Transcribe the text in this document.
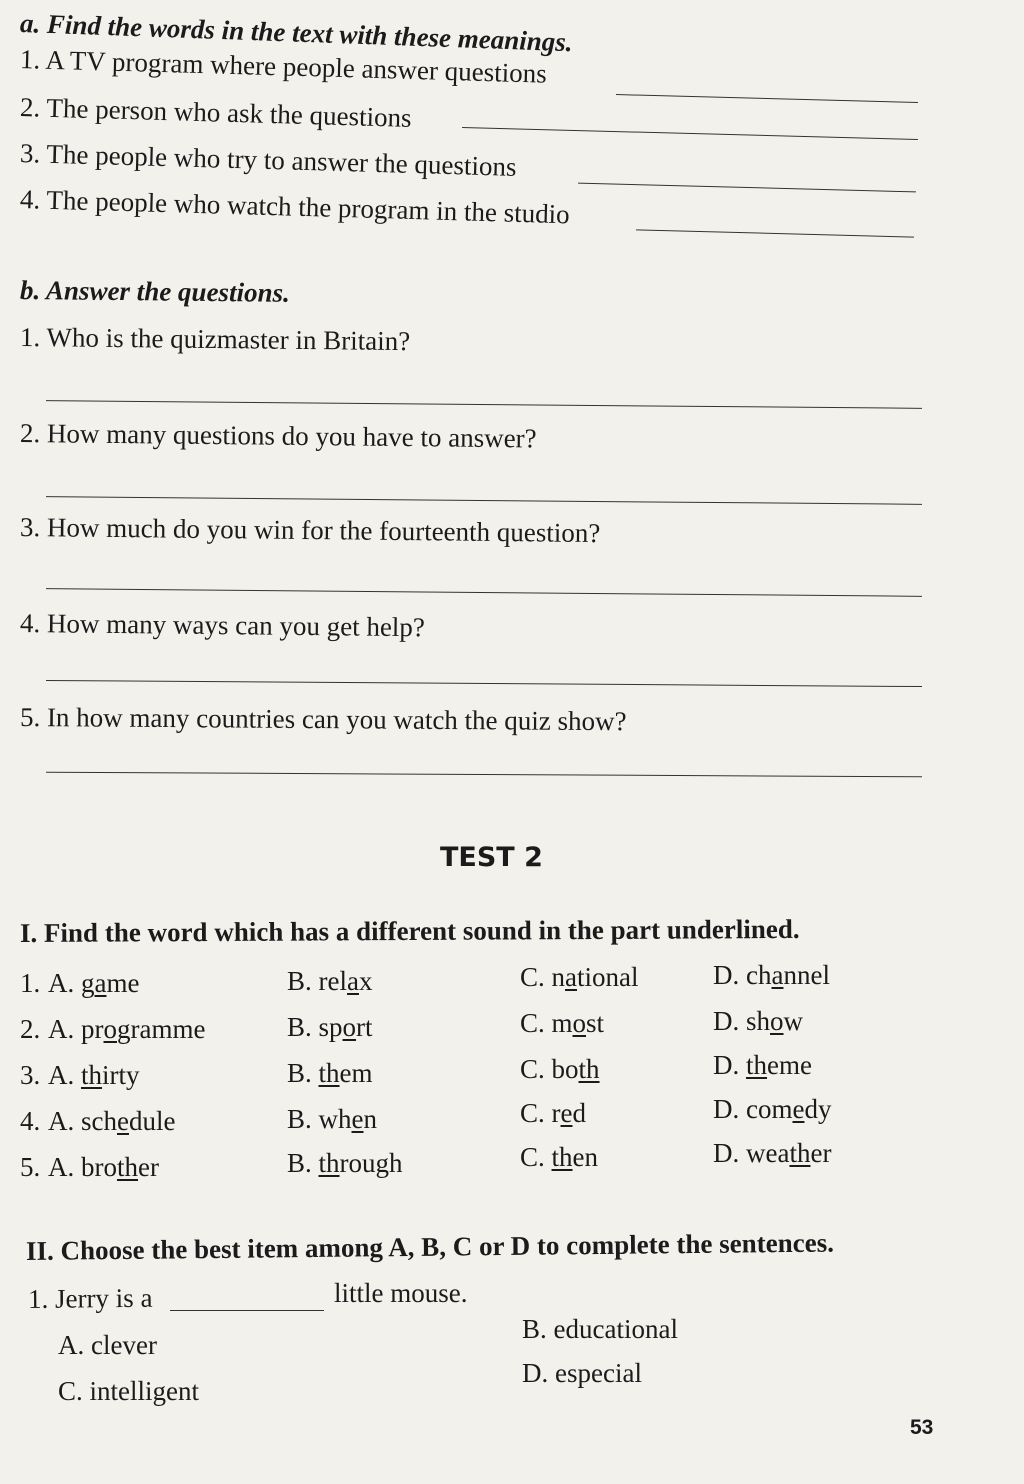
a. Find the words in the text with these meanings.
1. A TV program where people answer questions
2. The person who ask the questions
3. The people who try to answer the questions
4. The people who watch the program in the studio
b. Answer the questions.
1. Who is the quizmaster in Britain?
2. How many questions do you have to answer?
3. How much do you win for the fourteenth question?
4. How many ways can you get help?
5. In how many countries can you watch the quiz show?
TEST 2
I. Find the word which has a different sound in the part underlined.
1. A. game	B. relax	C. national	D. channel
2. A. programme	B. sport	C. most	D. show
3. A. thirty	B. them	C. both	D. theme
4. A. schedule	B. when	C. red	D. comedy
5. A. brother	B. through	C. then	D. weather
II. Choose the best item among A, B, C or D to complete the sentences.
1. Jerry is a	little mouse.
A. clever
B. educational
C. intelligent
D. especial
53
